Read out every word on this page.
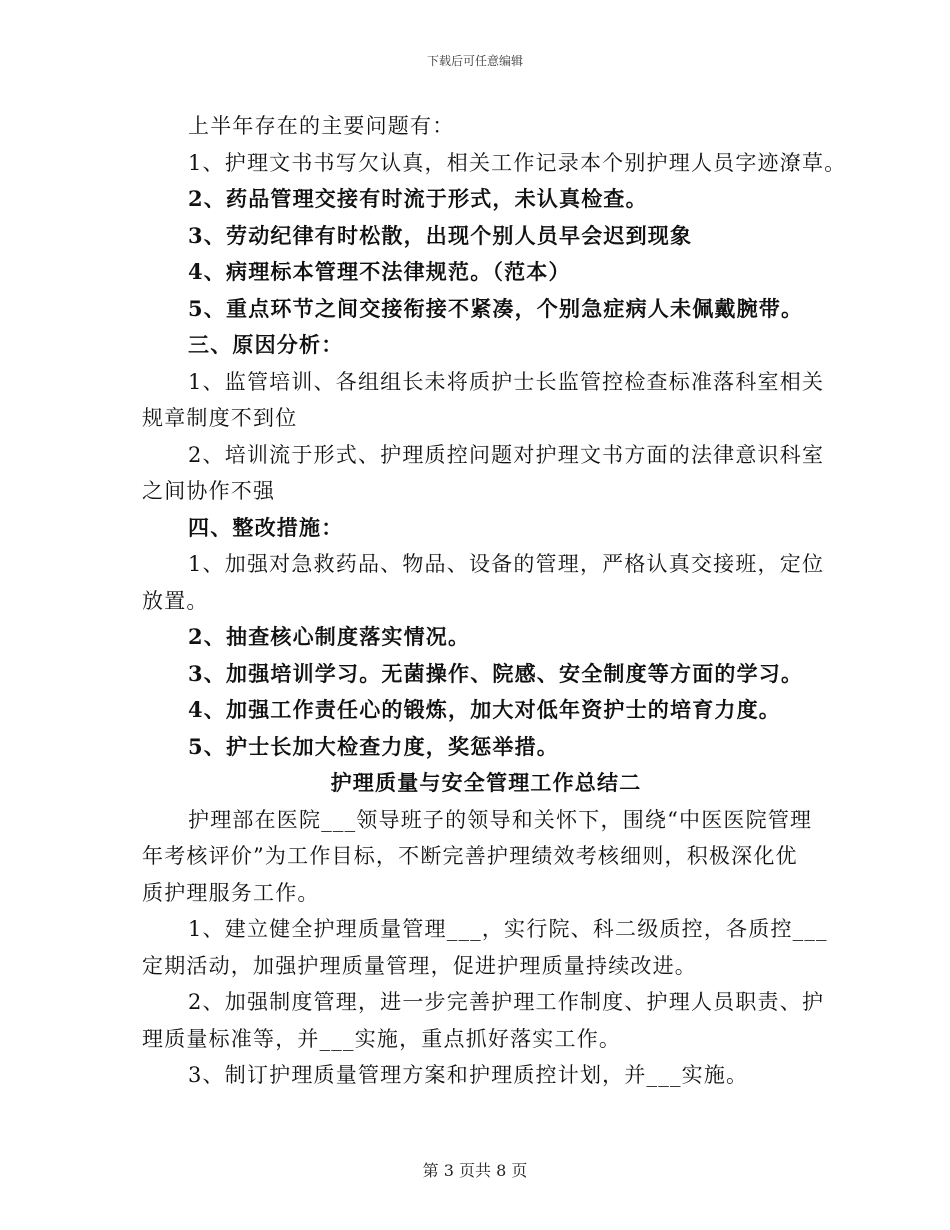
下载后可任意编辑
上半年存在的主要问题有：
1、护理文书书写欠认真，相关工作记录本个别护理人员字迹潦草。
2、药品管理交接有时流于形式，未认真检查。
3、劳动纪律有时松散，出现个别人员早会迟到现象
4、病理标本管理不法律规范。（范本）
5、重点环节之间交接衔接不紧凑，个别急症病人未佩戴腕带。
三、原因分析：
1、监管培训、各组组长未将质护士长监管控检查标准落科室相关
规章制度不到位
2、培训流于形式、护理质控问题对护理文书方面的法律意识科室
之间协作不强
四、整改措施：
1、加强对急救药品、物品、设备的管理，严格认真交接班，定位
放置。
2、抽查核心制度落实情况。
3、加强培训学习。无菌操作、院感、安全制度等方面的学习。
4、加强工作责任心的锻炼，加大对低年资护士的培育力度。
5、护士长加大检查力度，奖惩举措。
护理质量与安全管理工作总结二
护理部在医院___领导班子的领导和关怀下，围绕“中医医院管理
年考核评价”为工作目标，不断完善护理绩效考核细则，积极深化优
质护理服务工作。
1、建立健全护理质量管理___，实行院、科二级质控，各质控___
定期活动，加强护理质量管理，促进护理质量持续改进。
2、加强制度管理，进一步完善护理工作制度、护理人员职责、护
理质量标准等，并___实施，重点抓好落实工作。
3、制订护理质量管理方案和护理质控计划，并___实施。
第 3 页共 8 页
